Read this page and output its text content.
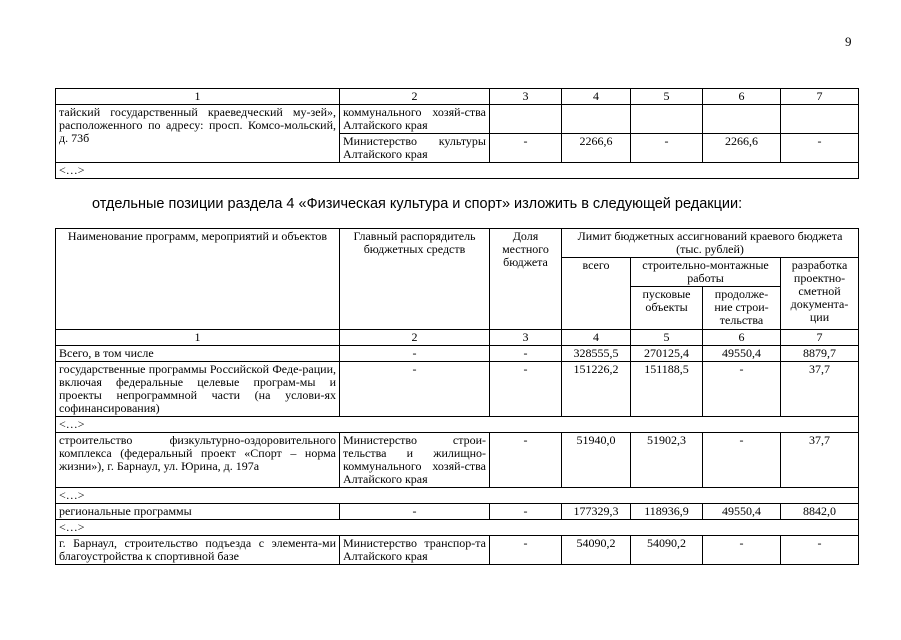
9
1	2	3	4	5	6	7
тайский государственный краеведческий му-зей», расположенного по адресу: просп. Комсо-мольский, д. 73б	коммунального хозяй-ства Алтайского края					
	Министерство культуры Алтайского края	-	2266,6	-	2266,6	-
<…>						
отдельные позиции раздела 4 «Физическая культура и спорт» изложить в следующей редакции:
Наименование программ, мероприятий и объектов	Главный распорядитель бюджетных средств	Доля местного бюджета	Лимит бюджетных ассигнований краевого бюджета (тыс. рублей)			
			всего	строительно-монтажные работы		разработка проектно-сметной документа-ции
				пусковые объекты	продолже-ние строи-тельства	
1	2	3	4	5	6	7
Всего, в том числе	-	-	328555,5	270125,4	49550,4	8879,7
государственные программы Российской Феде-рации, включая федеральные целевые програм-мы и проекты непрограммной части (на услови-ях софинансирования)	-	-	151226,2	151188,5	-	37,7
<…>						
строительство физкультурно-оздоровительного комплекса (федеральный проект «Спорт – норма жизни»), г. Барнаул, ул. Юрина, д. 197а	Министерство строи-тельства и жилищно-коммунального хозяй-ства Алтайского края	-	51940,0	51902,3	-	37,7
<…>						
региональные программы	-	-	177329,3	118936,9	49550,4	8842,0
<…>						
г. Барнаул, строительство подъезда с элемента-ми благоустройства к спортивной базе	Министерство транспор-та Алтайского края	-	54090,2	54090,2	-	-
